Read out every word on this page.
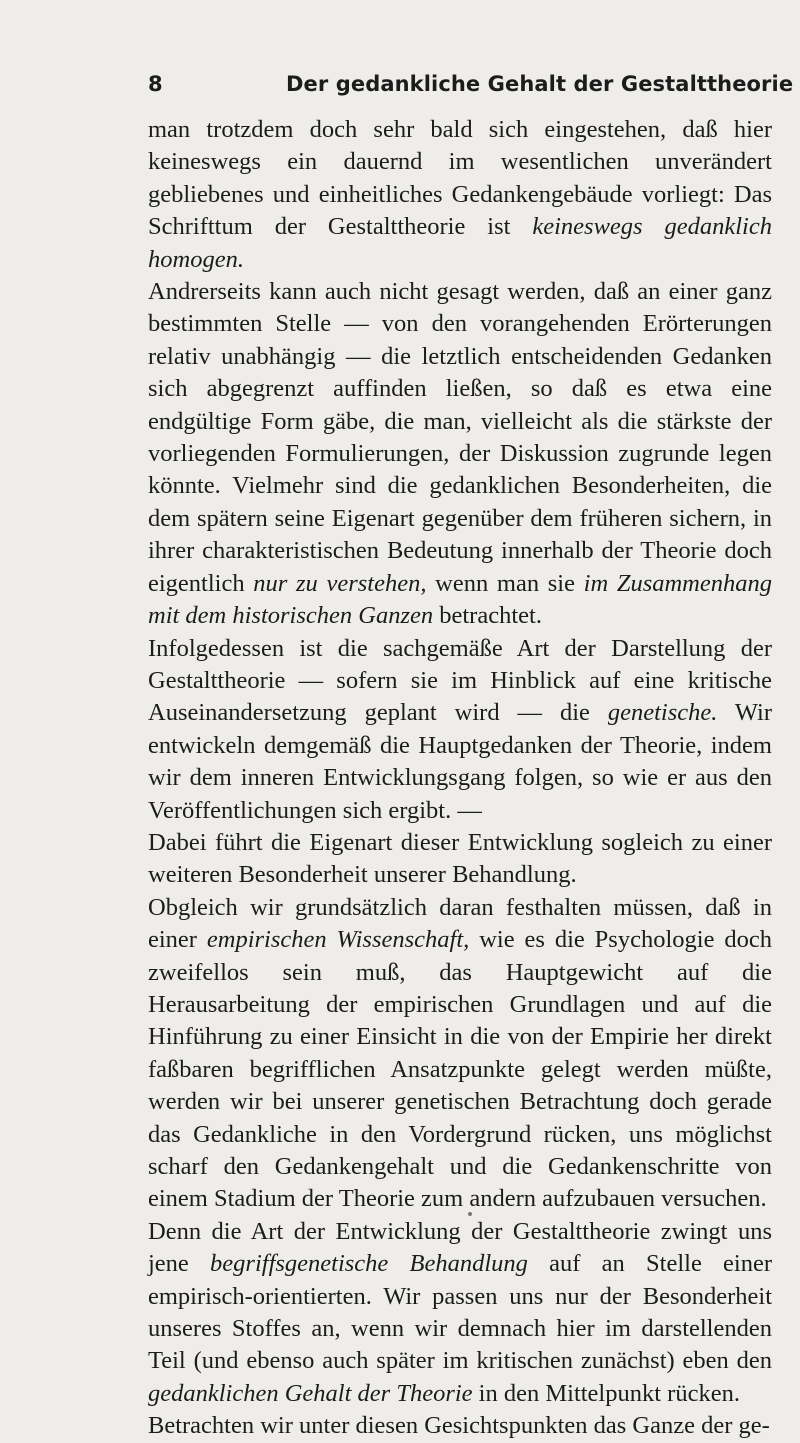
8	Der gedankliche Gehalt der Gestalttheorie

man trotzdem doch sehr bald sich eingestehen, daß hier keineswegs ein dauernd im wesentlichen unverändert gebliebenes und einheitliches Gedankengebäude vorliegt: Das Schrifttum der Gestalttheorie ist keineswegs gedanklich homogen.

Andrerseits kann auch nicht gesagt werden, daß an einer ganz bestimmten Stelle — von den vorangehenden Erörterungen relativ unabhängig — die letztlich entscheidenden Gedanken sich abgegrenzt auffinden ließen, so daß es etwa eine endgültige Form gäbe, die man, vielleicht als die stärkste der vorliegenden Formulierungen, der Diskussion zugrunde legen könnte. Vielmehr sind die gedanklichen Besonderheiten, die dem spätern seine Eigenart gegenüber dem früheren sichern, in ihrer charakteristischen Bedeutung innerhalb der Theorie doch eigentlich nur zu verstehen, wenn man sie im Zusammenhang mit dem historischen Ganzen betrachtet.

Infolgedessen ist die sachgemäße Art der Darstellung der Gestalttheorie — sofern sie im Hinblick auf eine kritische Auseinandersetzung geplant wird — die genetische. Wir entwickeln demgemäß die Hauptgedanken der Theorie, indem wir dem inneren Entwicklungsgang folgen, so wie er aus den Veröffentlichungen sich ergibt. —

Dabei führt die Eigenart dieser Entwicklung sogleich zu einer weiteren Besonderheit unserer Behandlung.

Obgleich wir grundsätzlich daran festhalten müssen, daß in einer empirischen Wissenschaft, wie es die Psychologie doch zweifellos sein muß, das Hauptgewicht auf die Herausarbeitung der empirischen Grundlagen und auf die Hinführung zu einer Einsicht in die von der Empirie her direkt faßbaren begrifflichen Ansatzpunkte gelegt werden müßte, werden wir bei unserer genetischen Betrachtung doch gerade das Gedankliche in den Vordergrund rücken, uns möglichst scharf den Gedankengehalt und die Gedankenschritte von einem Stadium der Theorie zum andern aufzubauen versuchen.

Denn die Art der Entwicklung der Gestalttheorie zwingt uns jene begriffsgenetische Behandlung auf an Stelle einer empirisch-orientierten. Wir passen uns nur der Besonderheit unseres Stoffes an, wenn wir demnach hier im darstellenden Teil (und ebenso auch später im kritischen zunächst) eben den gedanklichen Gehalt der Theorie in den Mittelpunkt rücken.

Betrachten wir unter diesen Gesichtspunkten das Ganze der ge-
